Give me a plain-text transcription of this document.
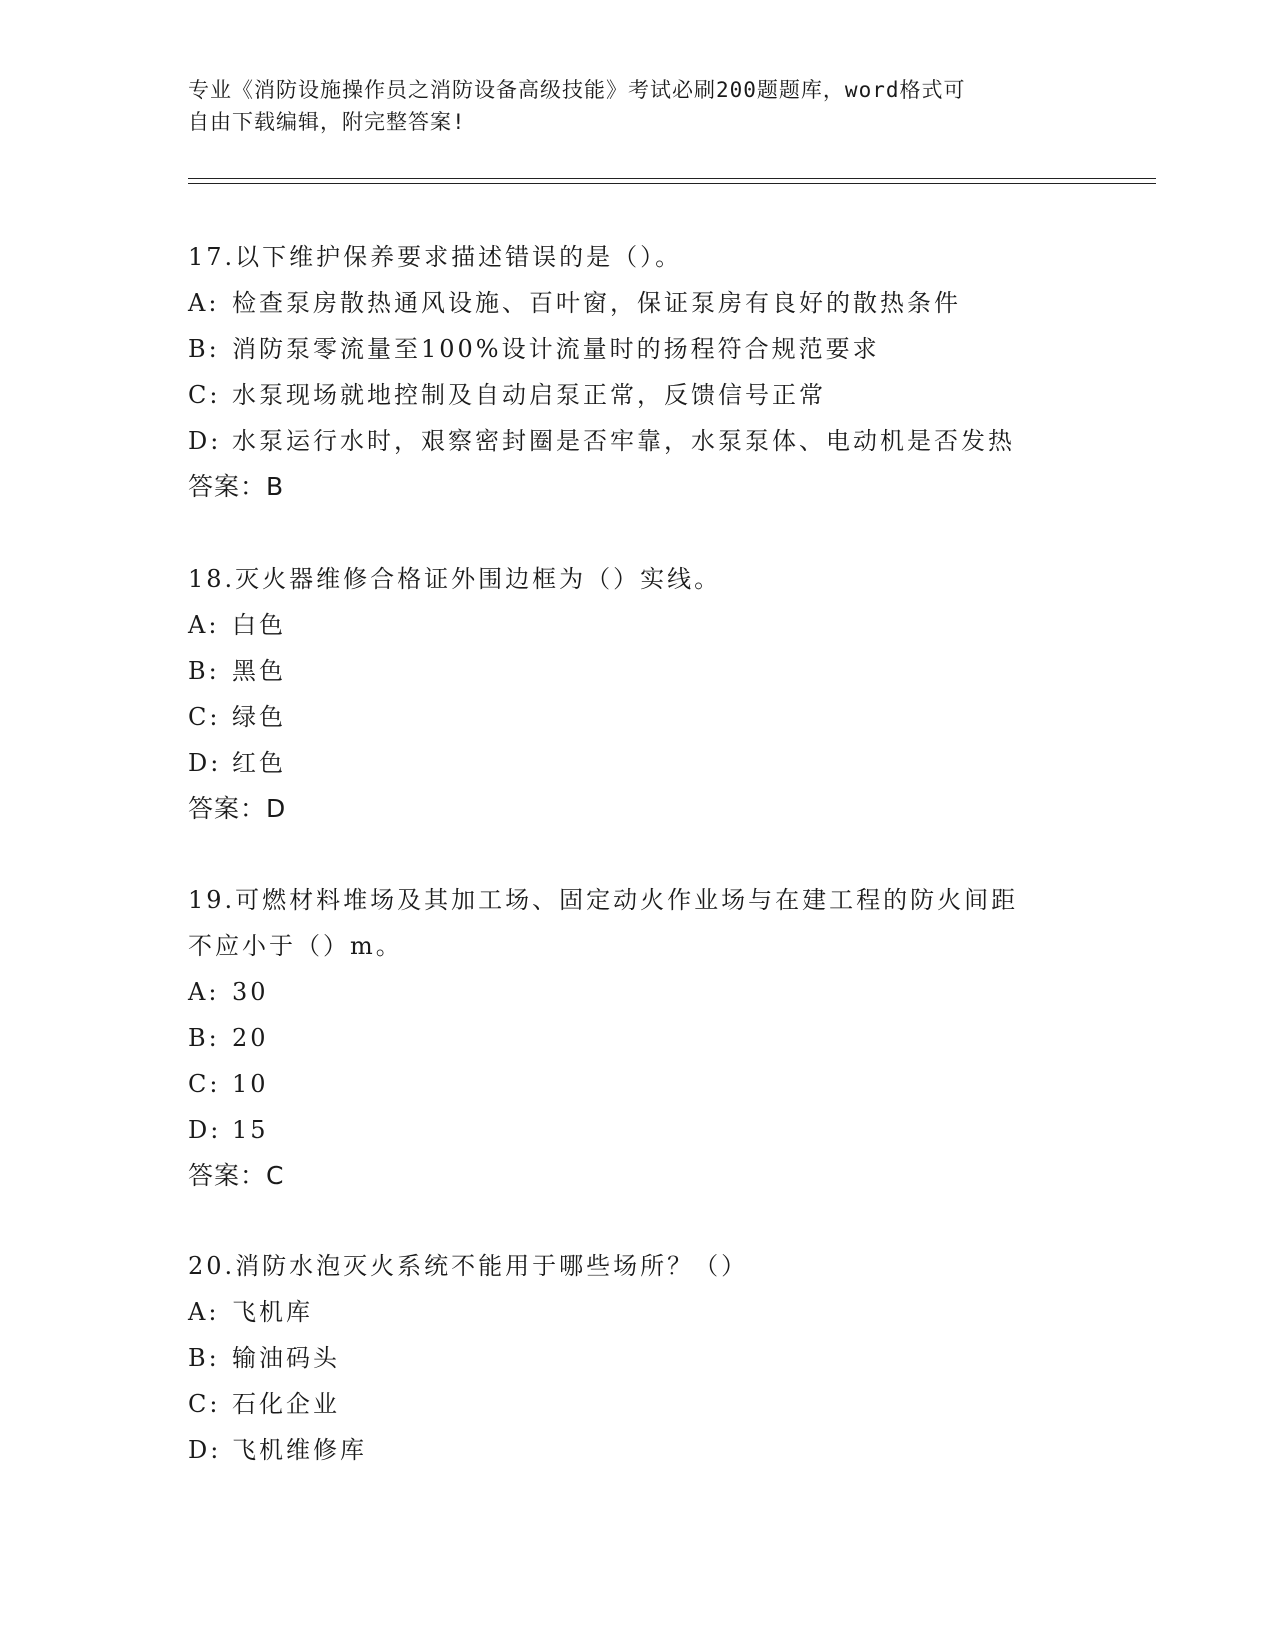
专业《消防设施操作员之消防设备高级技能》考试必刷200题题库，word格式可
自由下载编辑，附完整答案!
17.以下维护保养要求描述错误的是（）。
A: 检查泵房散热通风设施、百叶窗，保证泵房有良好的散热条件
B: 消防泵零流量至100%设计流量时的扬程符合规范要求
C: 水泵现场就地控制及自动启泵正常，反馈信号正常
D: 水泵运行水时，艰察密封圈是否牢靠，水泵泵体、电动机是否发热
答案：B
18.灭火器维修合格证外围边框为（）实线。
A: 白色
B: 黑色
C: 绿色
D: 红色
答案：D
19.可燃材料堆场及其加工场、固定动火作业场与在建工程的防火间距
不应小于（）m。
A: 30
B: 20
C: 10
D: 15
答案：C
20.消防水泡灭火系统不能用于哪些场所？（）
A: 飞机库
B: 输油码头
C: 石化企业
D: 飞机维修库
